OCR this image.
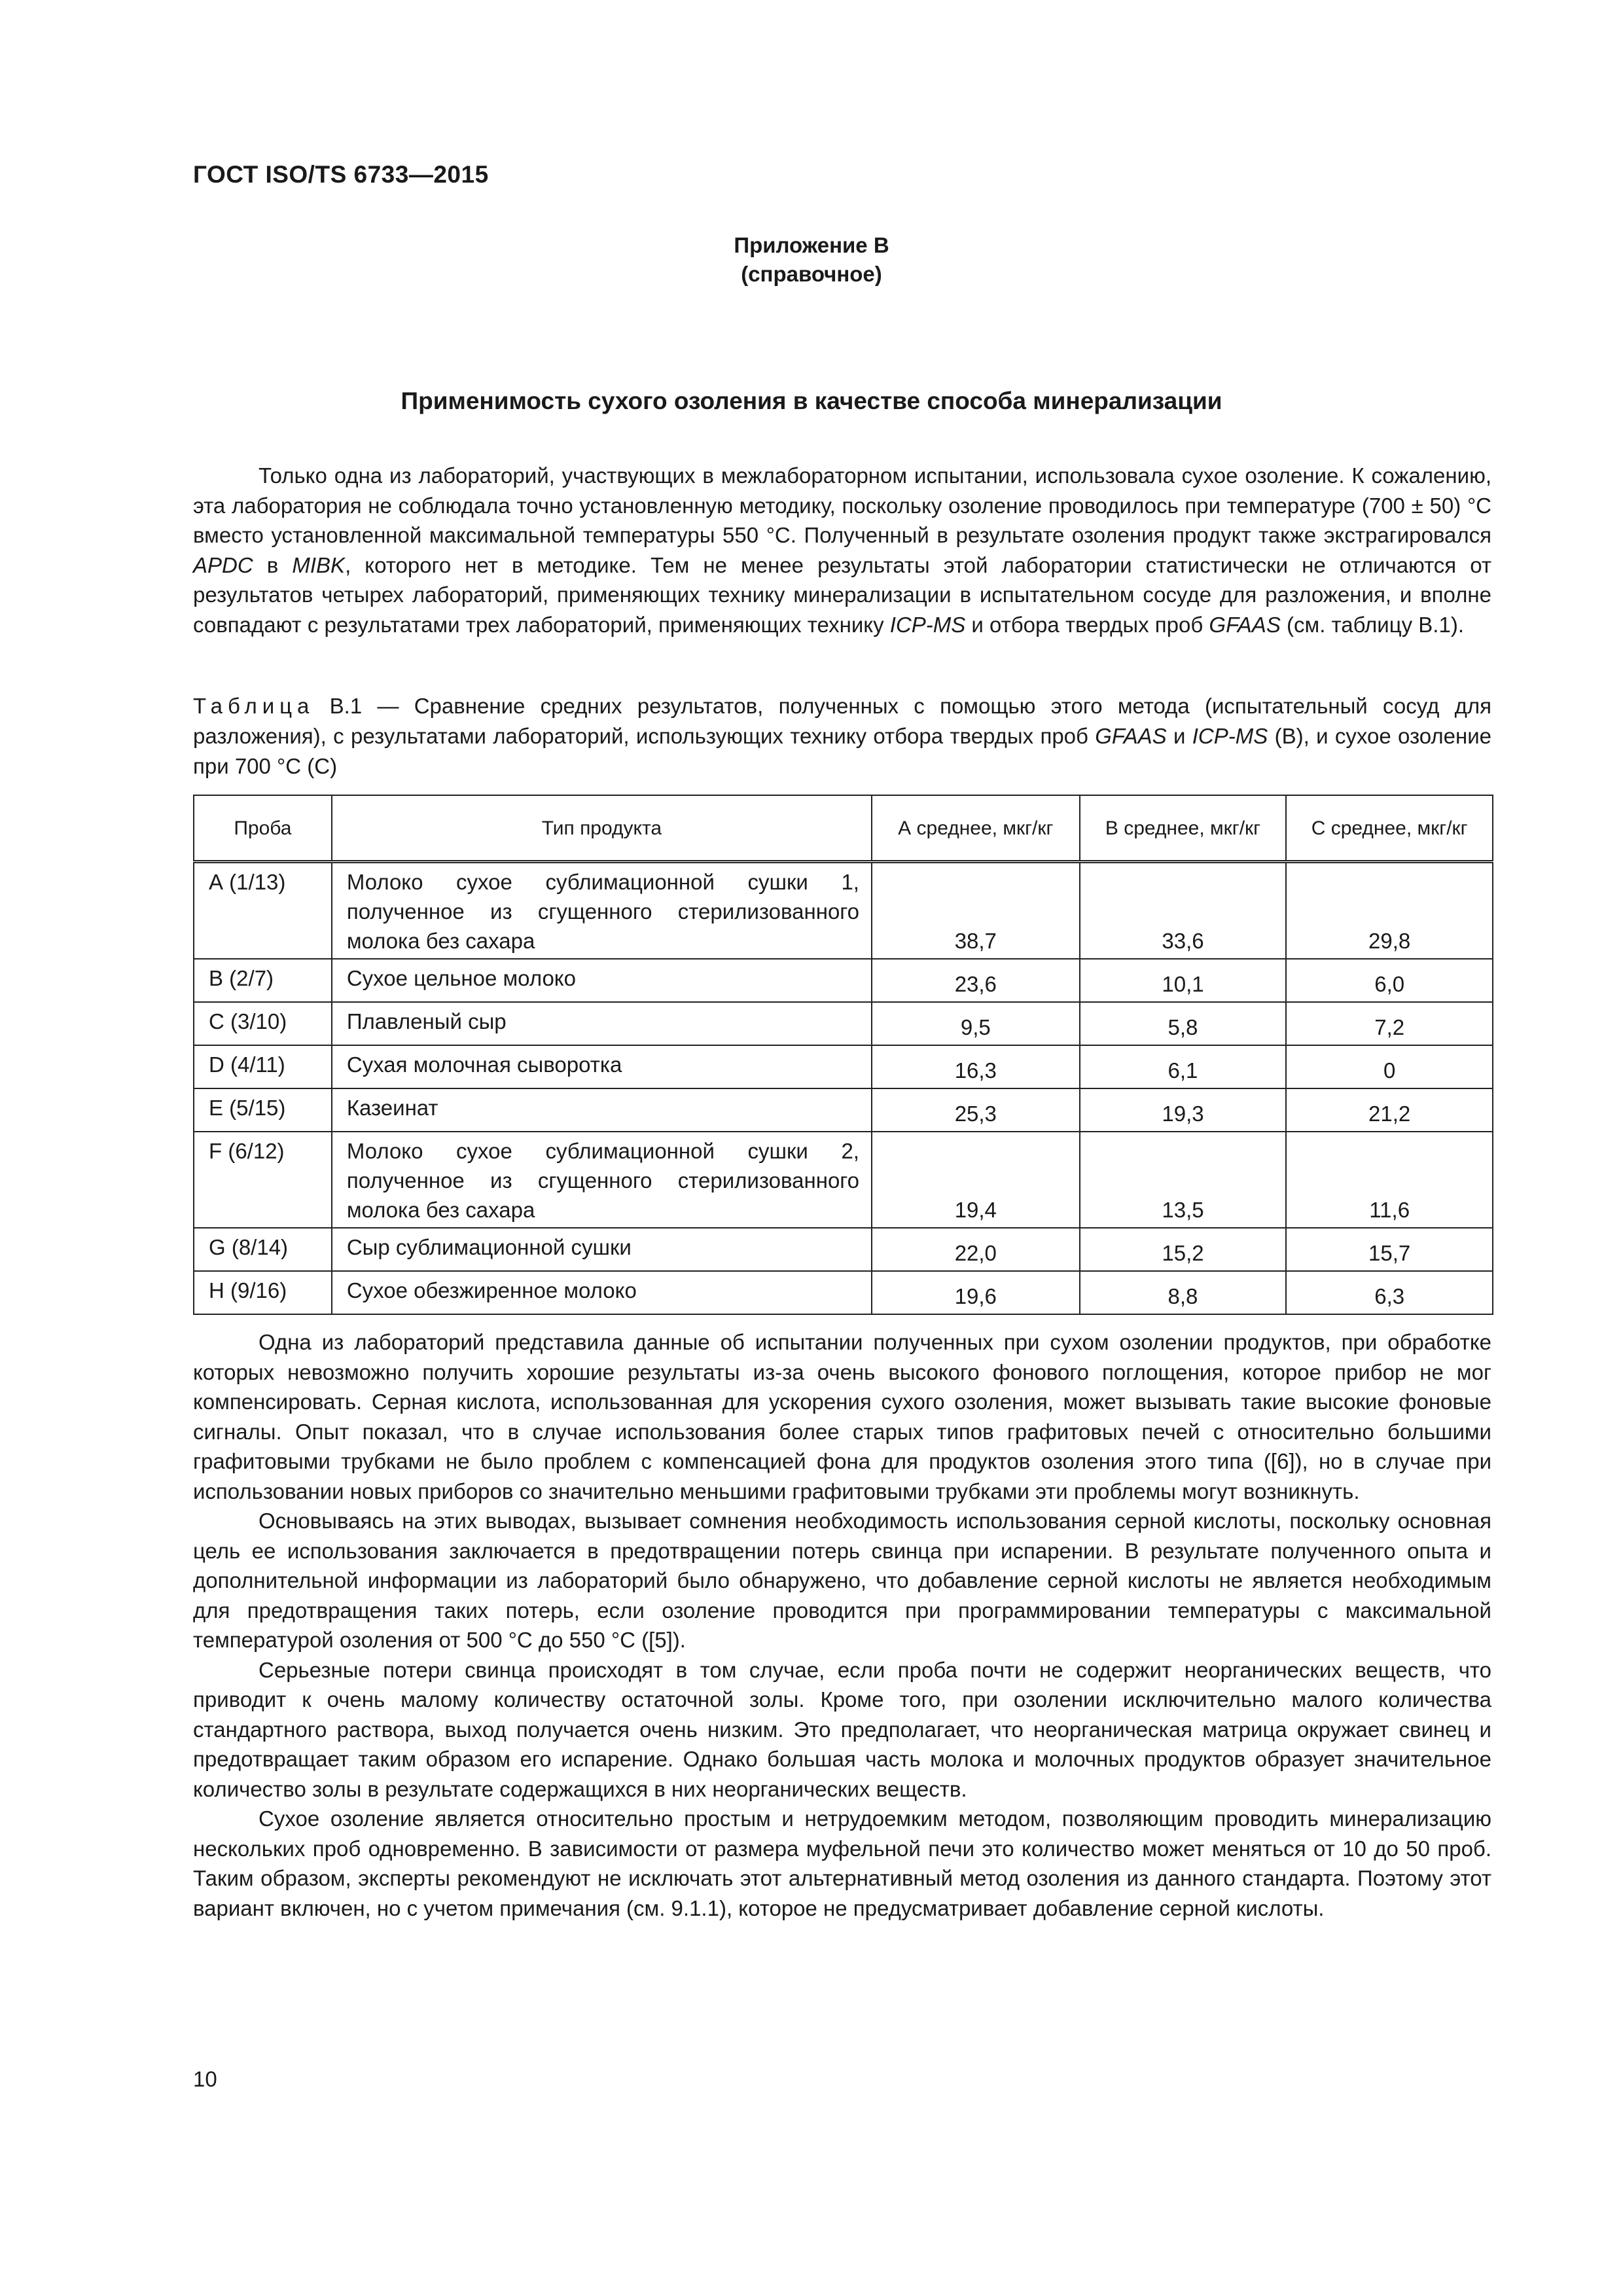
ГОСТ ISO/TS 6733—2015
Приложение В
(справочное)
Применимость сухого озоления в качестве способа минерализации

Только одна из лабораторий, участвующих в межлабораторном испытании, использовала сухое озоление. К сожалению, эта лаборатория не соблюдала точно установленную методику, поскольку озоление проводилось при температуре (700 ± 50) °С вместо установленной максимальной температуры 550 °С. Полученный в результате озоления продукт также экстрагировался APDC в MIBK, которого нет в методике. Тем не менее результаты этой лаборатории статистически не отличаются от результатов четырех лабораторий, применяющих технику минерализации в испытательном сосуде для разложения, и вполне совпадают с результатами трех лабораторий, применяющих технику ICP-MS и отбора твердых проб GFAAS (см. таблицу В.1).

Таблица В.1 — Сравнение средних результатов, полученных с помощью этого метода (испытательный сосуд для разложения), с результатами лабораторий, использующих технику отбора твердых проб GFAAS и ICP-MS (В), и сухое озоление при 700 °С (С)
Проба	Тип продукта	А среднее, мкг/кг	В среднее, мкг/кг	С среднее, мкг/кг
А (1/13)	Молоко сухое сублимационной сушки 1, полученное из сгущенного стерилизованного молока без сахара	38,7	33,6	29,8
В (2/7)	Сухое цельное молоко	23,6	10,1	6,0
С (3/10)	Плавленый сыр	9,5	5,8	7,2
D (4/11)	Сухая молочная сыворотка	16,3	6,1	0
Е (5/15)	Казеинат	25,3	19,3	21,2
F (6/12)	Молоко сухое сублимационной сушки 2, полученное из сгущенного стерилизованного молока без сахара	19,4	13,5	11,6
G (8/14)	Сыр сублимационной сушки	22,0	15,2	15,7
Н (9/16)	Сухое обезжиренное молоко	19,6	8,8	6,3

Одна из лабораторий представила данные об испытании полученных при сухом озолении продуктов, при обработке которых невозможно получить хорошие результаты из-за очень высокого фонового поглощения, которое прибор не мог компенсировать. Серная кислота, использованная для ускорения сухого озоления, может вызывать такие высокие фоновые сигналы. Опыт показал, что в случае использования более старых типов графитовых печей с относительно большими графитовыми трубками не было проблем с компенсацией фона для продуктов озоления этого типа ([6]), но в случае при использовании новых приборов со значительно меньшими графитовыми трубками эти проблемы могут возникнуть.

Основываясь на этих выводах, вызывает сомнения необходимость использования серной кислоты, поскольку основная цель ее использования заключается в предотвращении потерь свинца при испарении. В результате полученного опыта и дополнительной информации из лабораторий было обнаружено, что добавление серной кислоты не является необходимым для предотвращения таких потерь, если озоление проводится при программировании температуры с максимальной температурой озоления от 500 °С до 550 °С ([5]).

Серьезные потери свинца происходят в том случае, если проба почти не содержит неорганических веществ, что приводит к очень малому количеству остаточной золы. Кроме того, при озолении исключительно малого количества стандартного раствора, выход получается очень низким. Это предполагает, что неорганическая матрица окружает свинец и предотвращает таким образом его испарение. Однако большая часть молока и молочных продуктов образует значительное количество золы в результате содержащихся в них неорганических веществ.

Сухое озоление является относительно простым и нетрудоемким методом, позволяющим проводить минерализацию нескольких проб одновременно. В зависимости от размера муфельной печи это количество может меняться от 10 до 50 проб. Таким образом, эксперты рекомендуют не исключать этот альтернативный метод озоления из данного стандарта. Поэтому этот вариант включен, но с учетом примечания (см. 9.1.1), которое не предусматривает добавление серной кислоты.

10
